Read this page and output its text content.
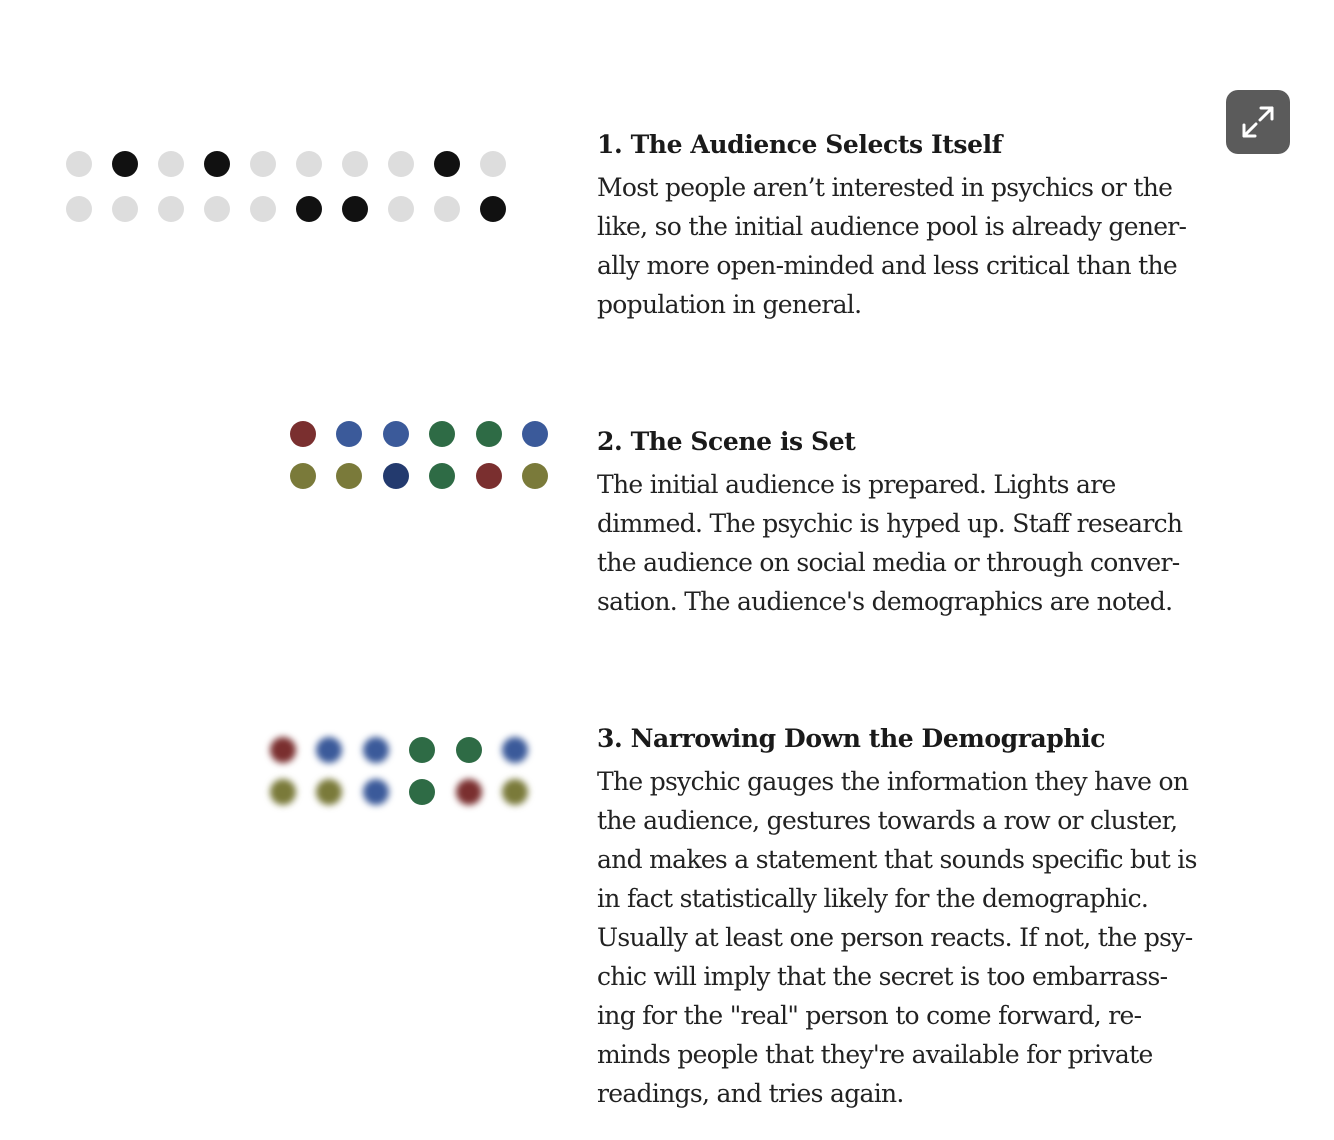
1. The Audience Selects Itself
Most people aren’t interested in psychics or the
like, so the initial audience pool is already gener-
ally more open-minded and less critical than the
population in general.
2. The Scene is Set
The initial audience is prepared. Lights are
dimmed. The psychic is hyped up. Staff research
the audience on social media or through conver-
sation. The audience's demographics are noted.
3. Narrowing Down the Demographic
The psychic gauges the information they have on
the audience, gestures towards a row or cluster,
and makes a statement that sounds specific but is
in fact statistically likely for the demographic.
Usually at least one person reacts. If not, the psy-
chic will imply that the secret is too embarrass-
ing for the "real" person to come forward, re-
minds people that they're available for private
readings, and tries again.
